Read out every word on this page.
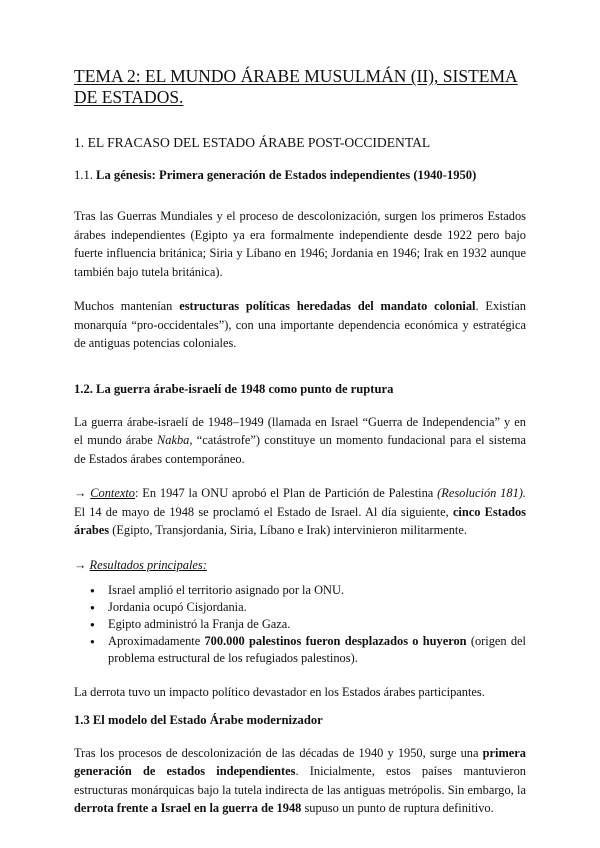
TEMA 2: EL MUNDO ÁRABE MUSULMÁN (II), SISTEMA DE ESTADOS.
1. EL FRACASO DEL ESTADO ÁRABE POST-OCCIDENTAL
1.1. La génesis: Primera generación de Estados independientes (1940-1950)

Tras las Guerras Mundiales y el proceso de descolonización, surgen los primeros Estados árabes independientes (Egipto ya era formalmente independiente desde 1922 pero bajo fuerte influencia británica; Siria y Líbano en 1946; Jordania en 1946; Irak en 1932 aunque también bajo tutela británica).

Muchos mantenían estructuras políticas heredadas del mandato colonial. Existían monarquía “pro-occidentales”), con una importante dependencia económica y estratégica de antiguas potencias coloniales.

1.2. La guerra árabe-israelí de 1948 como punto de ruptura

La guerra árabe-israelí de 1948–1949 (llamada en Israel “Guerra de Independencia” y en el mundo árabe Nakba, “catástrofe”) constituye un momento fundacional para el sistema de Estados árabes contemporáneo.

→ Contexto: En 1947 la ONU aprobó el Plan de Partición de Palestina (Resolución 181). El 14 de mayo de 1948 se proclamó el Estado de Israel. Al día siguiente, cinco Estados árabes (Egipto, Transjordania, Siria, Líbano e Irak) intervinieron militarmente.

→ Resultados principales:

● Israel amplió el territorio asignado por la ONU.
● Jordania ocupó Cisjordania.
● Egipto administró la Franja de Gaza.
● Aproximadamente 700.000 palestinos fueron desplazados o huyeron (origen del problema estructural de los refugiados palestinos).

La derrota tuvo un impacto político devastador en los Estados árabes participantes.

1.3 El modelo del Estado Árabe modernizador

Tras los procesos de descolonización de las décadas de 1940 y 1950, surge una primera generación de estados independientes. Inicialmente, estos países mantuvieron estructuras monárquicas bajo la tutela indirecta de las antiguas metrópolis. Sin embargo, la derrota frente a Israel en la guerra de 1948 supuso un punto de ruptura definitivo.
